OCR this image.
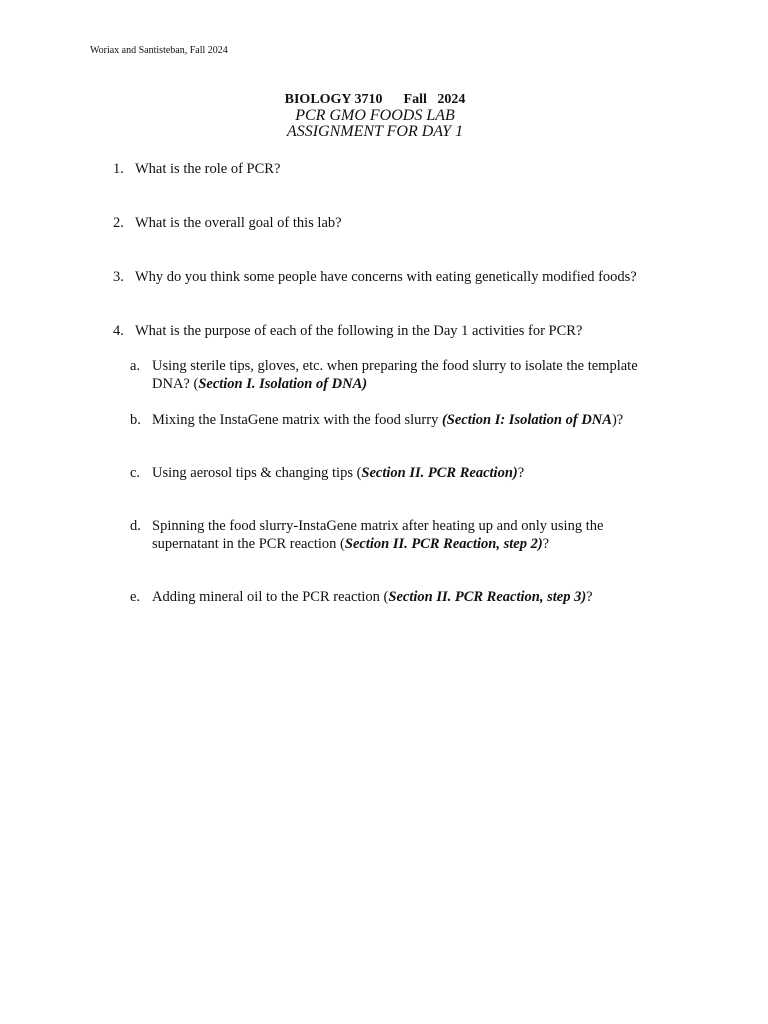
Woriax and Santisteban, Fall 2024
BIOLOGY 3710      Fall   2024
PCR GMO FOODS LAB
ASSIGNMENT FOR DAY 1
1. What is the role of PCR?
2. What is the overall goal of this lab?
3. Why do you think some people have concerns with eating genetically modified foods?
4. What is the purpose of each of the following in the Day 1 activities for PCR?
a. Using sterile tips, gloves, etc. when preparing the food slurry to isolate the template DNA? (Section I. Isolation of DNA)
b. Mixing the InstaGene matrix with the food slurry (Section I: Isolation of DNA)?
c. Using aerosol tips & changing tips (Section II. PCR Reaction)?
d. Spinning the food slurry-InstaGene matrix after heating up and only using the supernatant in the PCR reaction (Section II. PCR Reaction, step 2)?
e. Adding mineral oil to the PCR reaction (Section II. PCR Reaction, step 3)?
